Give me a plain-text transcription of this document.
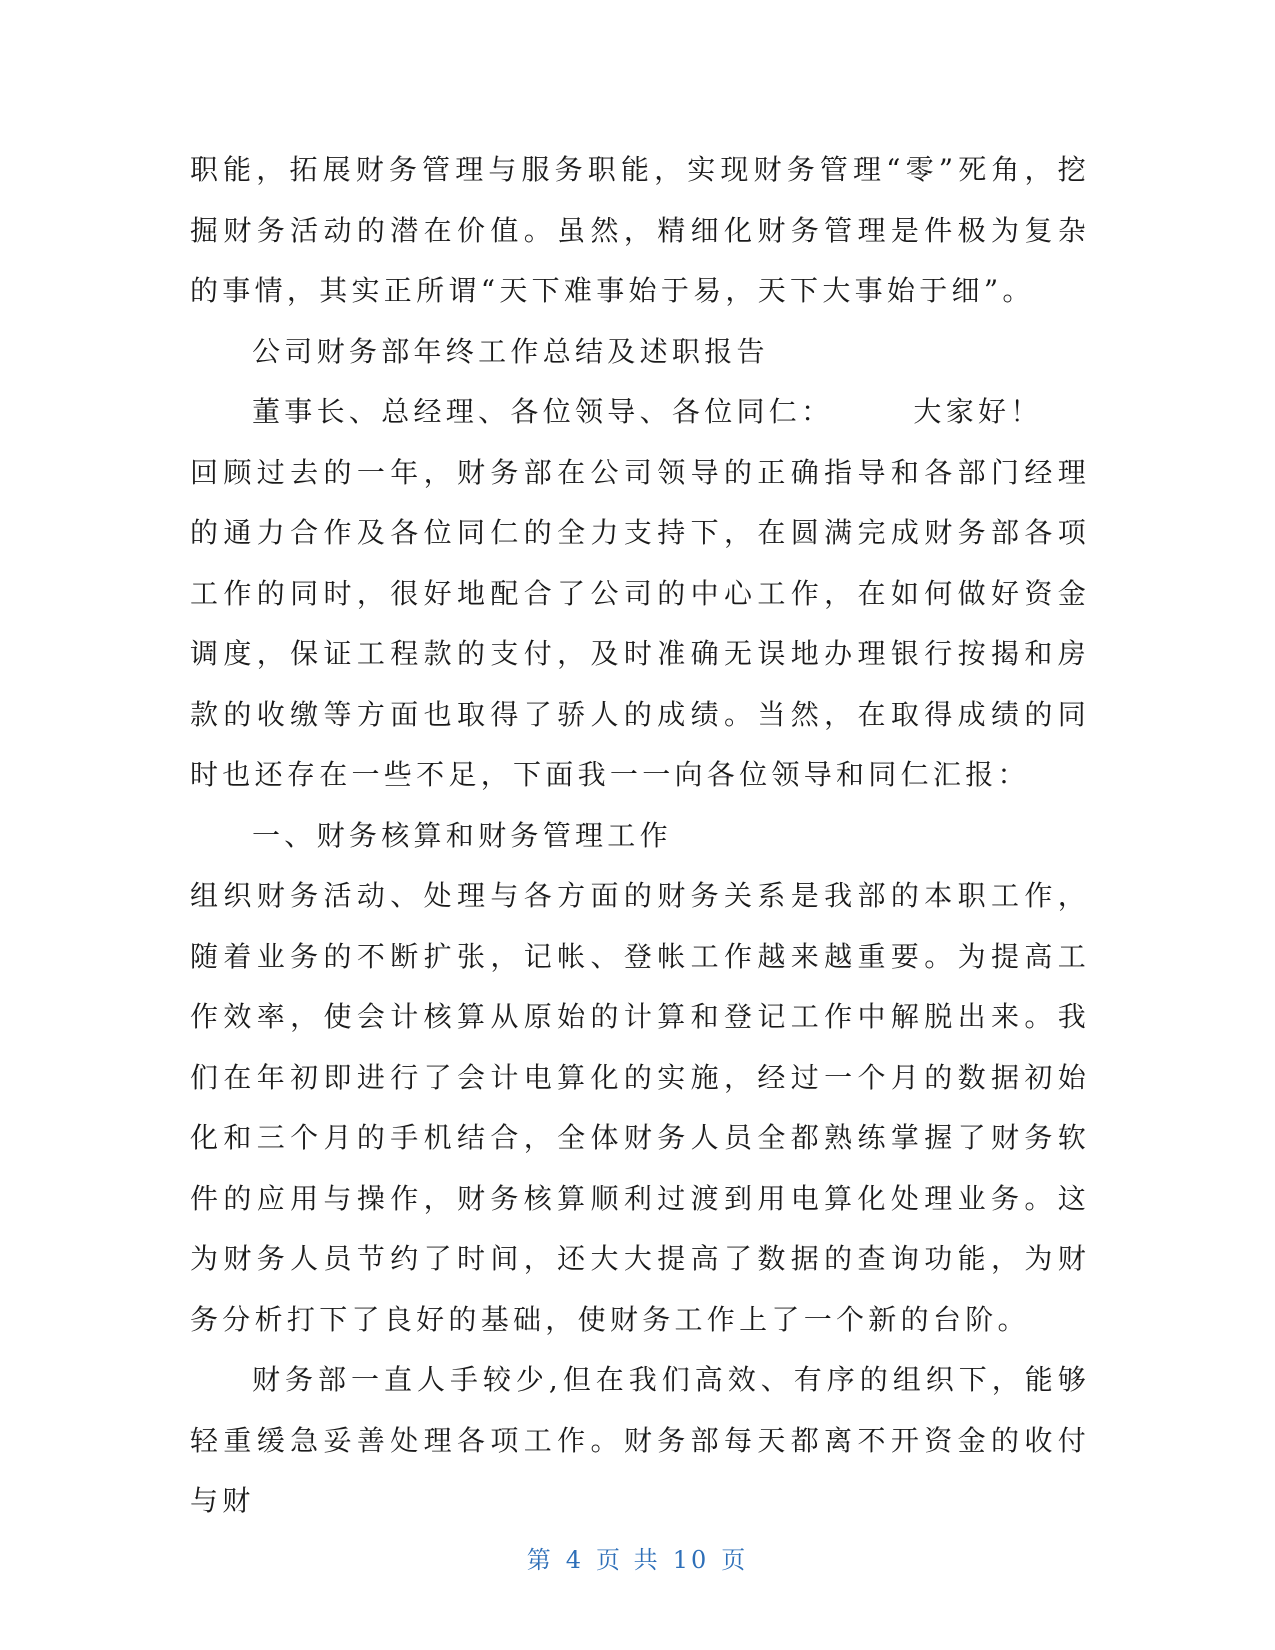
职能，拓展财务管理与服务职能，实现财务管理“零”死角，挖掘财务活动的潜在价值。虽然，精细化财务管理是件极为复杂的事情，其实正所谓“天下难事始于易，天下大事始于细”。

公司财务部年终工作总结及述职报告

董事长、总经理、各位领导、各位同仁：	大家好！

回顾过去的一年，财务部在公司领导的正确指导和各部门经理的通力合作及各位同仁的全力支持下，在圆满完成财务部各项工作的同时，很好地配合了公司的中心工作，在如何做好资金调度，保证工程款的支付，及时准确无误地办理银行按揭和房款的收缴等方面也取得了骄人的成绩。当然，在取得成绩的同时也还存在一些不足，下面我一一向各位领导和同仁汇报：

一、财务核算和财务管理工作

组织财务活动、处理与各方面的财务关系是我部的本职工作，随着业务的不断扩张，记帐、登帐工作越来越重要。为提高工作效率，使会计核算从原始的计算和登记工作中解脱出来。我们在年初即进行了会计电算化的实施，经过一个月的数据初始化和三个月的手机结合，全体财务人员全都熟练掌握了财务软件的应用与操作，财务核算顺利过渡到用电算化处理业务。这为财务人员节约了时间，还大大提高了数据的查询功能，为财务分析打下了良好的基础，使财务工作上了一个新的台阶。

财务部一直人手较少,但在我们高效、有序的组织下，能够轻重缓急妥善处理各项工作。财务部每天都离不开资金的收付与财

第 4 页 共 10 页
